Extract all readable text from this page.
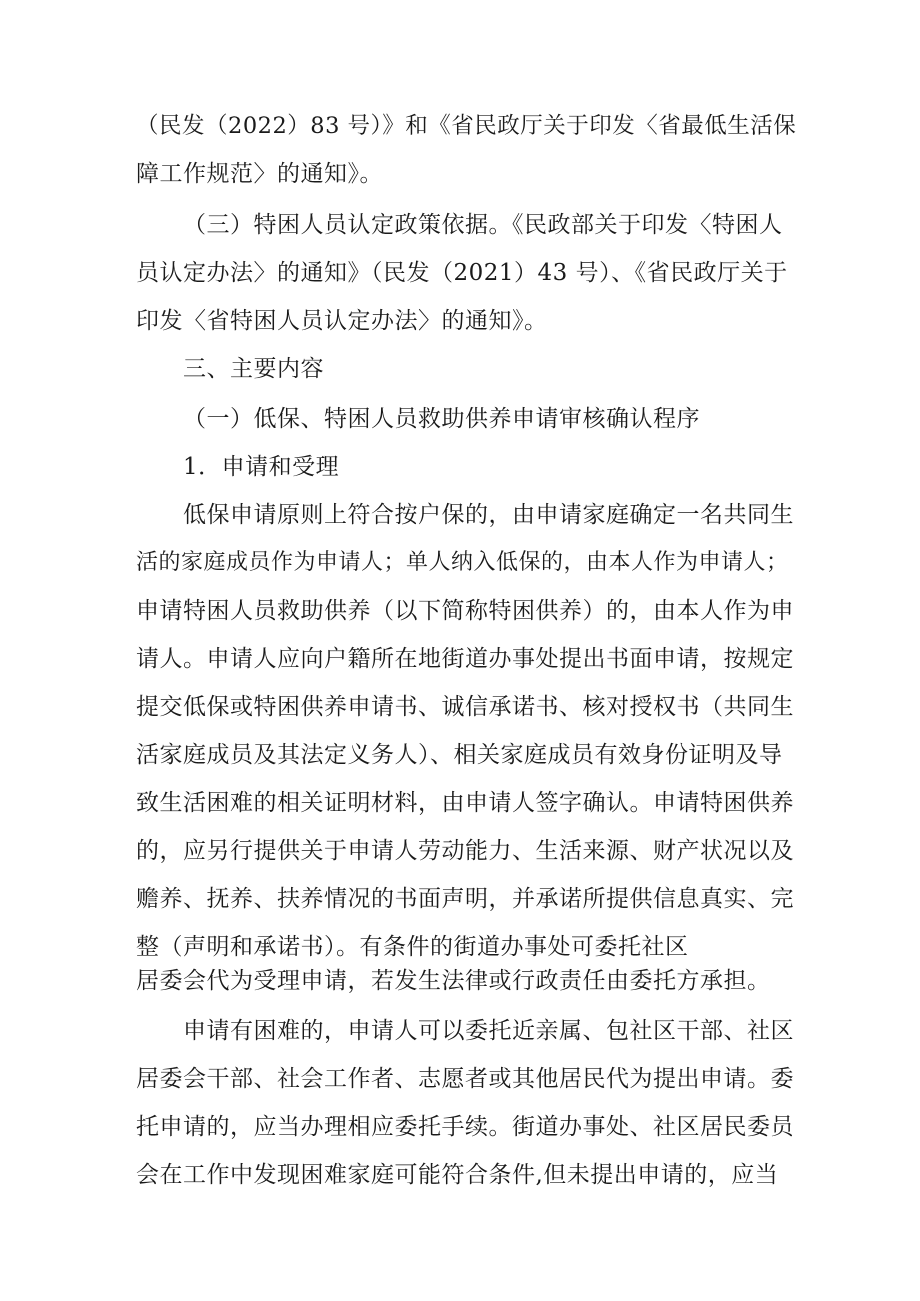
（民发（2022）83 号）》和《省民政厅关于印发〈省最低生活保
障工作规范〉的通知》。
（三）特困人员认定政策依据。《民政部关于印发〈特困人
员认定办法〉的通知》（民发（2021）43 号）、《省民政厅关于
印发〈省特困人员认定办法〉的通知》。
三、主要内容
（一）低保、特困人员救助供养申请审核确认程序
1．申请和受理
低保申请原则上符合按户保的，由申请家庭确定一名共同生
活的家庭成员作为申请人；单人纳入低保的，由本人作为申请人；
申请特困人员救助供养（以下简称特困供养）的，由本人作为申
请人。申请人应向户籍所在地街道办事处提出书面申请，按规定
提交低保或特困供养申请书、诚信承诺书、核对授权书（共同生
活家庭成员及其法定义务人）、相关家庭成员有效身份证明及导
致生活困难的相关证明材料，由申请人签字确认。申请特困供养
的，应另行提供关于申请人劳动能力、生活来源、财产状况以及
赡养、抚养、扶养情况的书面声明，并承诺所提供信息真实、完
整（声明和承诺书）。有条件的街道办事处可委托社区
居委会代为受理申请，若发生法律或行政责任由委托方承担。
申请有困难的，申请人可以委托近亲属、包社区干部、社区
居委会干部、社会工作者、志愿者或其他居民代为提出申请。委
托申请的，应当办理相应委托手续。街道办事处、社区居民委员
会在工作中发现困难家庭可能符合条件,但未提出申请的，应当
